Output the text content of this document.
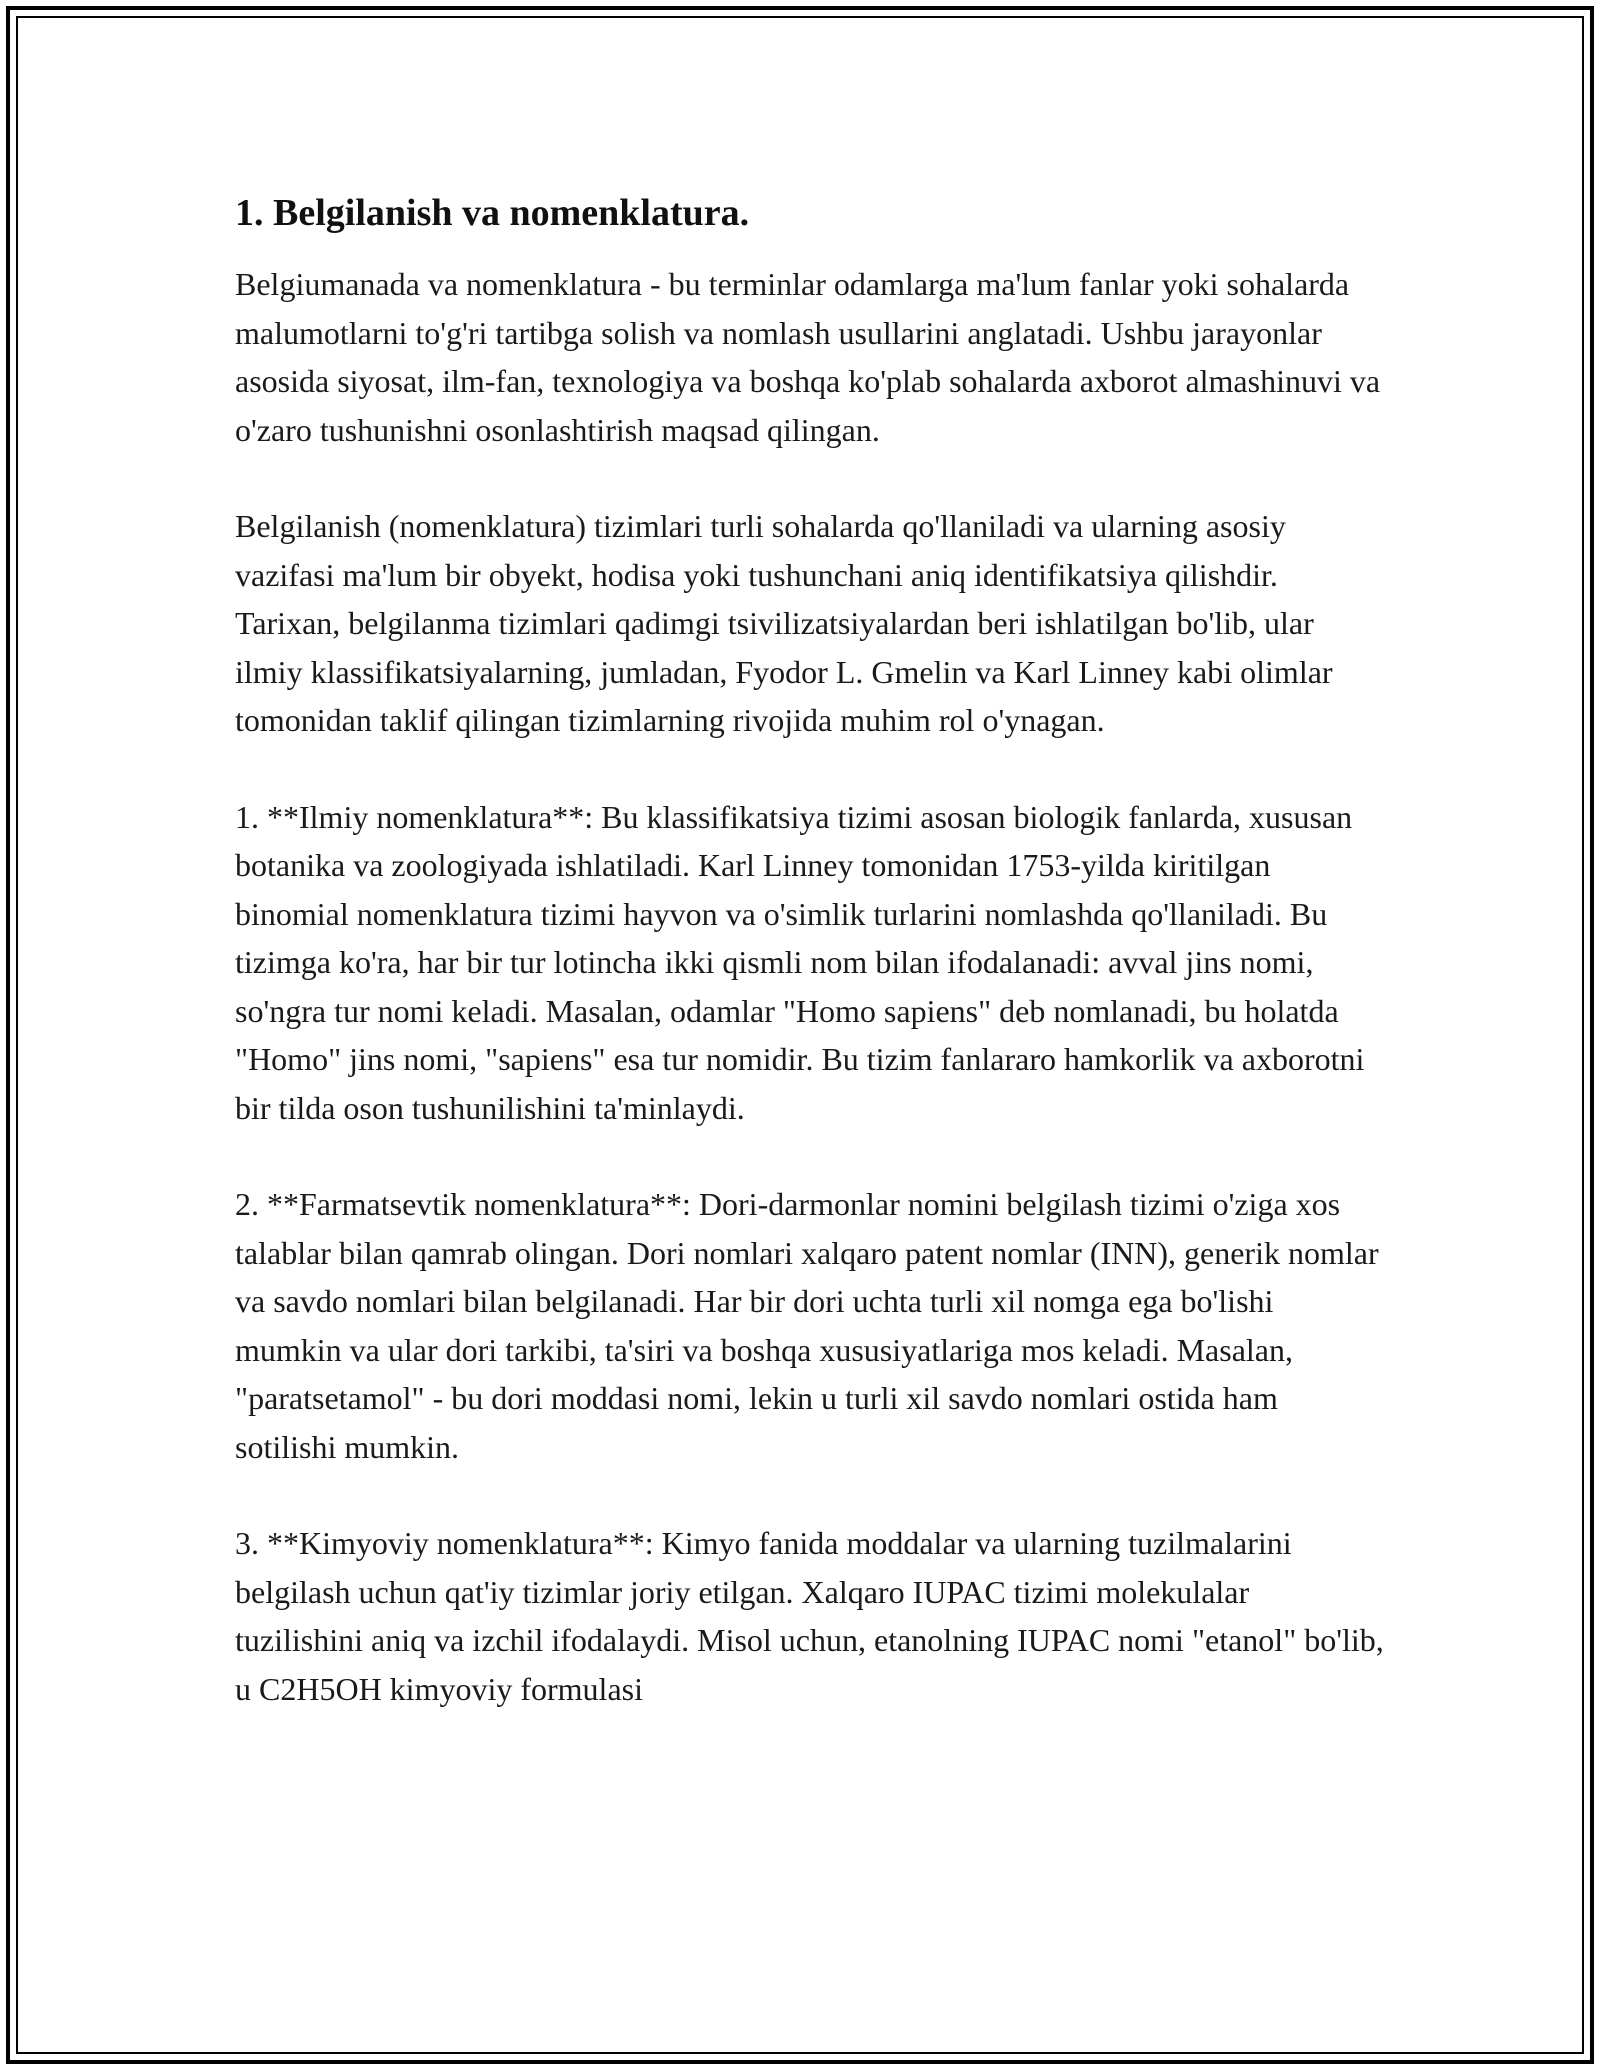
1. Belgilanish va nomenklatura.

Belgiumanada va nomenklatura - bu terminlar odamlarga ma'lum fanlar yoki sohalarda malumotlarni to'g'ri tartibga solish va nomlash usullarini anglatadi. Ushbu jarayonlar asosida siyosat, ilm-fan, texnologiya va boshqa ko'plab sohalarda axborot almashinuvi va o'zaro tushunishni osonlashtirish maqsad qilingan.

Belgilanish (nomenklatura) tizimlari turli sohalarda qo'llaniladi va ularning asosiy vazifasi ma'lum bir obyekt, hodisa yoki tushunchani aniq identifikatsiya qilishdir. Tarixan, belgilanma tizimlari qadimgi tsivilizatsiyalardan beri ishlatilgan bo'lib, ular ilmiy klassifikatsiyalarning, jumladan, Fyodor L. Gmelin va Karl Linney kabi olimlar tomonidan taklif qilingan tizimlarning rivojida muhim rol o'ynagan.

1. **Ilmiy nomenklatura**: Bu klassifikatsiya tizimi asosan biologik fanlarda, xususan botanika va zoologiyada ishlatiladi. Karl Linney tomonidan 1753-yilda kiritilgan binomial nomenklatura tizimi hayvon va o'simlik turlarini nomlashda qo'llaniladi. Bu tizimga ko'ra, har bir tur lotincha ikki qismli nom bilan ifodalanadi: avval jins nomi, so'ngra tur nomi keladi. Masalan, odamlar "Homo sapiens" deb nomlanadi, bu holatda "Homo" jins nomi, "sapiens" esa tur nomidir. Bu tizim fanlararo hamkorlik va axborotni bir tilda oson tushunilishini ta'minlaydi.

2. **Farmatsevtik nomenklatura**: Dori-darmonlar nomini belgilash tizimi o'ziga xos talablar bilan qamrab olingan. Dori nomlari xalqaro patent nomlar (INN), generik nomlar va savdo nomlari bilan belgilanadi. Har bir dori uchta turli xil nomga ega bo'lishi mumkin va ular dori tarkibi, ta'siri va boshqa xususiyatlariga mos keladi. Masalan, "paratsetamol" - bu dori moddasi nomi, lekin u turli xil savdo nomlari ostida ham sotilishi mumkin.

3. **Kimyoviy nomenklatura**: Kimyo fanida moddalar va ularning tuzilmalarini belgilash uchun qat'iy tizimlar joriy etilgan. Xalqaro IUPAC tizimi molekulalar tuzilishini aniq va izchil ifodalaydi. Misol uchun, etanolning IUPAC nomi "etanol" bo'lib, u C2H5OH kimyoviy formulasi
